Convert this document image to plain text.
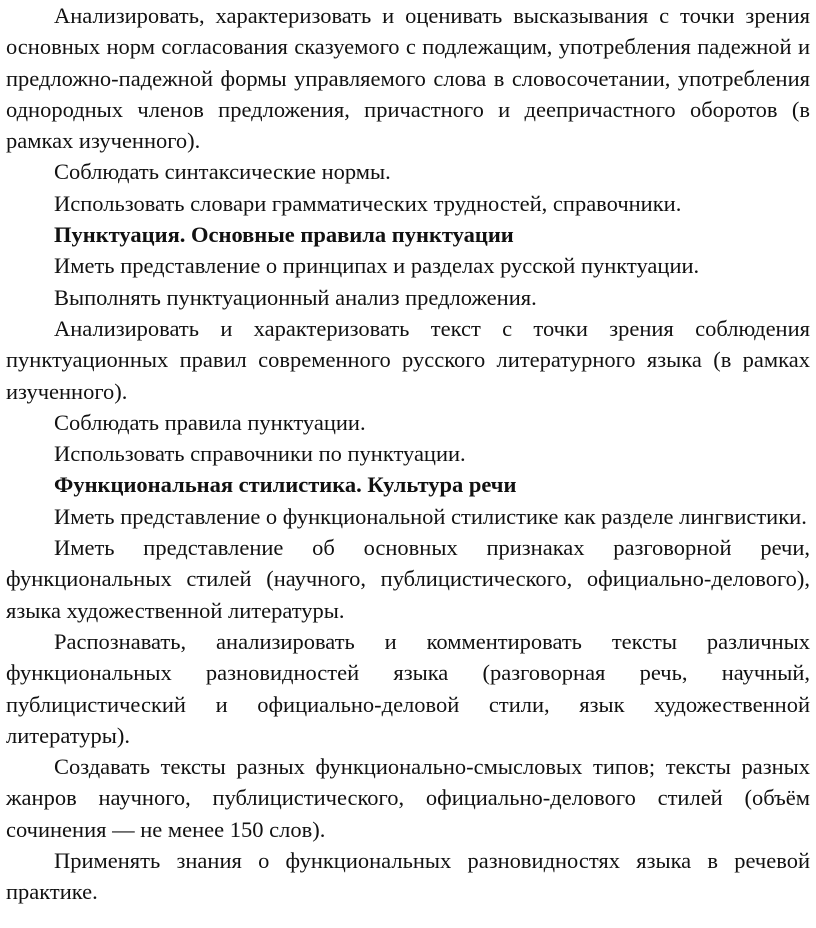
Анализировать, характеризовать и оценивать высказывания с точки зрения основных норм согласования сказуемого с подлежащим, употребления падежной и предложно-падежной формы управляемого слова в словосочетании, употребления однородных членов предложения, причастного и деепричастного оборотов (в рамках изученного).

Соблюдать синтаксические нормы.

Использовать словари грамматических трудностей, справочники.

Пунктуация. Основные правила пунктуации

Иметь представление о принципах и разделах русской пунктуации.

Выполнять пунктуационный анализ предложения.

Анализировать и характеризовать текст с точки зрения соблюдения пунктуационных правил современного русского литературного языка (в рамках изученного).

Соблюдать правила пунктуации.

Использовать справочники по пунктуации.

Функциональная стилистика. Культура речи

Иметь представление о функциональной стилистике как разделе лингвистики.

Иметь представление об основных признаках разговорной речи, функциональных стилей (научного, публицистического, официально-делового), языка художественной литературы.

Распознавать, анализировать и комментировать тексты различных функциональных разновидностей языка (разговорная речь, научный, публицистический и официально-деловой стили, язык художественной литературы).

Создавать тексты разных функционально-смысловых типов; тексты разных жанров научного, публицистического, официально-делового стилей (объём сочинения — не менее 150 слов).

Применять знания о функциональных разновидностях языка в речевой практике.
